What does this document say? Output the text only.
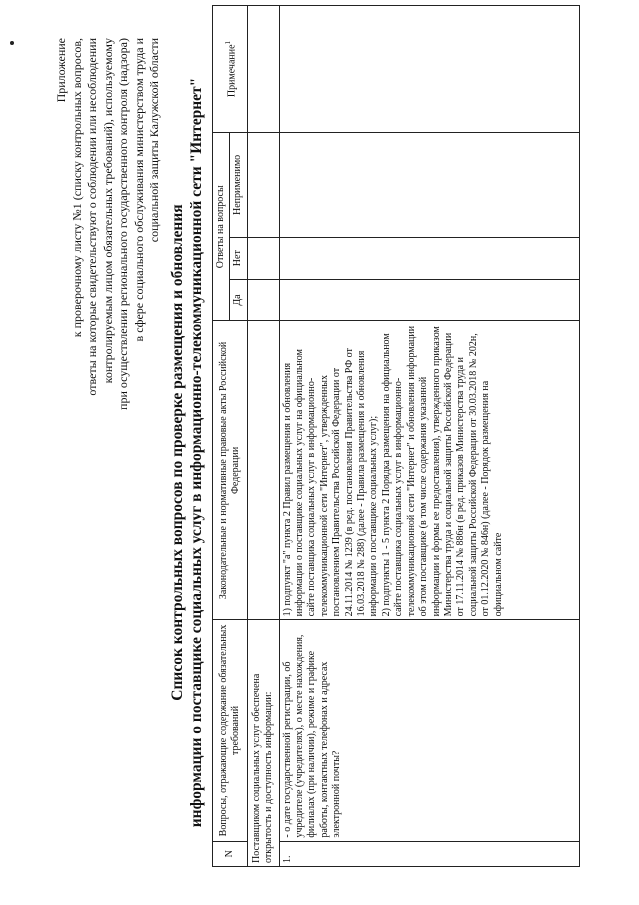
Приложение к проверочному листу №1 (списку контрольных вопросов, ответы на которые свидетельствуют о соблюдении или несоблюдении контролируемым лицом обязательных требований), используемому при осуществлении регионального государственного контроля (надзора) в сфере социального обслуживания министерством труда и социальной защиты Калужской области
Список контрольных вопросов по проверке размещения и обновления информации о поставщике социальных услуг в информационно-телекоммуникационной сети "Интернет"
N	Вопросы, отражающие содержание обязательных требований	Законодательные и нормативные правовые акты Российской Федерации	Ответы на вопросы			Примечание$^1$
			Да	Нет	Неприменимо	
Поставщиком социальных услуг обеспечена открытость и доступность информации:						
1.	- о дате государственной регистрации, об учредителе (учредителях), о месте нахождения, филиалах (при наличии), режиме и графике работы, контактных телефонах и адресах электронной почты?	1) подпункт "а" пункта 2 Правил размещения и обновления информации о поставщике социальных услуг на официальном сайте поставщика социальных услуг в информационно-телекоммуникационной сети "Интернет", утвержденных постановлением Правительства Российской Федерации от 24.11.2014 № 1239 (в ред. постановления Правительства РФ от 16.03.2018 № 288) (далее - Правила размещения и обновления информации о поставщике социальных услуг); 2) подпункты 1 - 5 пункта 2 Порядка размещения на официальном сайте поставщика социальных услуг в информационно-телекоммуникационной сети "Интернет" и обновления информации об этом поставщике (в том числе содержания указанной информации и формы ее предоставления), утвержденного приказом Министерства труда и социальной защиты Российской Федерации от 17.11.2014 № 886н (в ред. приказов Министерства труда и социальной защиты Российской Федерации от 30.03.2018 № 202н, от 01.12.2020 № 846н) (далее - Порядок размещения на официальном сайте				
